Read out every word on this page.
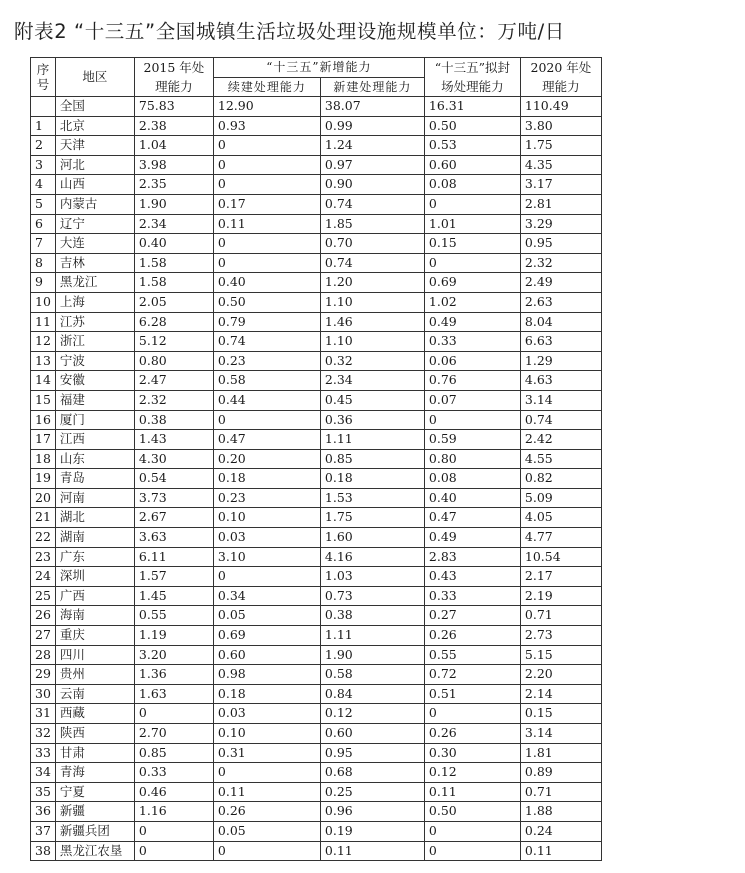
附表2 “十三五”全国城镇生活垃圾处理设施规模单位：万吨/日
序号	地区	2015 年处理能力	“十三五”新增能力		“十三五”拟封场处理能力	2020 年处理能力
			续建处理能力	新建处理能力		
	全国	75.83	12.90	38.07	16.31	110.49
1	北京	2.38	0.93	0.99	0.50	3.80
2	天津	1.04	0	1.24	0.53	1.75
3	河北	3.98	0	0.97	0.60	4.35
4	山西	2.35	0	0.90	0.08	3.17
5	内蒙古	1.90	0.17	0.74	0	2.81
6	辽宁	2.34	0.11	1.85	1.01	3.29
7	大连	0.40	0	0.70	0.15	0.95
8	吉林	1.58	0	0.74	0	2.32
9	黑龙江	1.58	0.40	1.20	0.69	2.49
10	上海	2.05	0.50	1.10	1.02	2.63
11	江苏	6.28	0.79	1.46	0.49	8.04
12	浙江	5.12	0.74	1.10	0.33	6.63
13	宁波	0.80	0.23	0.32	0.06	1.29
14	安徽	2.47	0.58	2.34	0.76	4.63
15	福建	2.32	0.44	0.45	0.07	3.14
16	厦门	0.38	0	0.36	0	0.74
17	江西	1.43	0.47	1.11	0.59	2.42
18	山东	4.30	0.20	0.85	0.80	4.55
19	青岛	0.54	0.18	0.18	0.08	0.82
20	河南	3.73	0.23	1.53	0.40	5.09
21	湖北	2.67	0.10	1.75	0.47	4.05
22	湖南	3.63	0.03	1.60	0.49	4.77
23	广东	6.11	3.10	4.16	2.83	10.54
24	深圳	1.57	0	1.03	0.43	2.17
25	广西	1.45	0.34	0.73	0.33	2.19
26	海南	0.55	0.05	0.38	0.27	0.71
27	重庆	1.19	0.69	1.11	0.26	2.73
28	四川	3.20	0.60	1.90	0.55	5.15
29	贵州	1.36	0.98	0.58	0.72	2.20
30	云南	1.63	0.18	0.84	0.51	2.14
31	西藏	0	0.03	0.12	0	0.15
32	陕西	2.70	0.10	0.60	0.26	3.14
33	甘肃	0.85	0.31	0.95	0.30	1.81
34	青海	0.33	0	0.68	0.12	0.89
35	宁夏	0.46	0.11	0.25	0.11	0.71
36	新疆	1.16	0.26	0.96	0.50	1.88
37	新疆兵团	0	0.05	0.19	0	0.24
38	黑龙江农垦	0	0	0.11	0	0.11
